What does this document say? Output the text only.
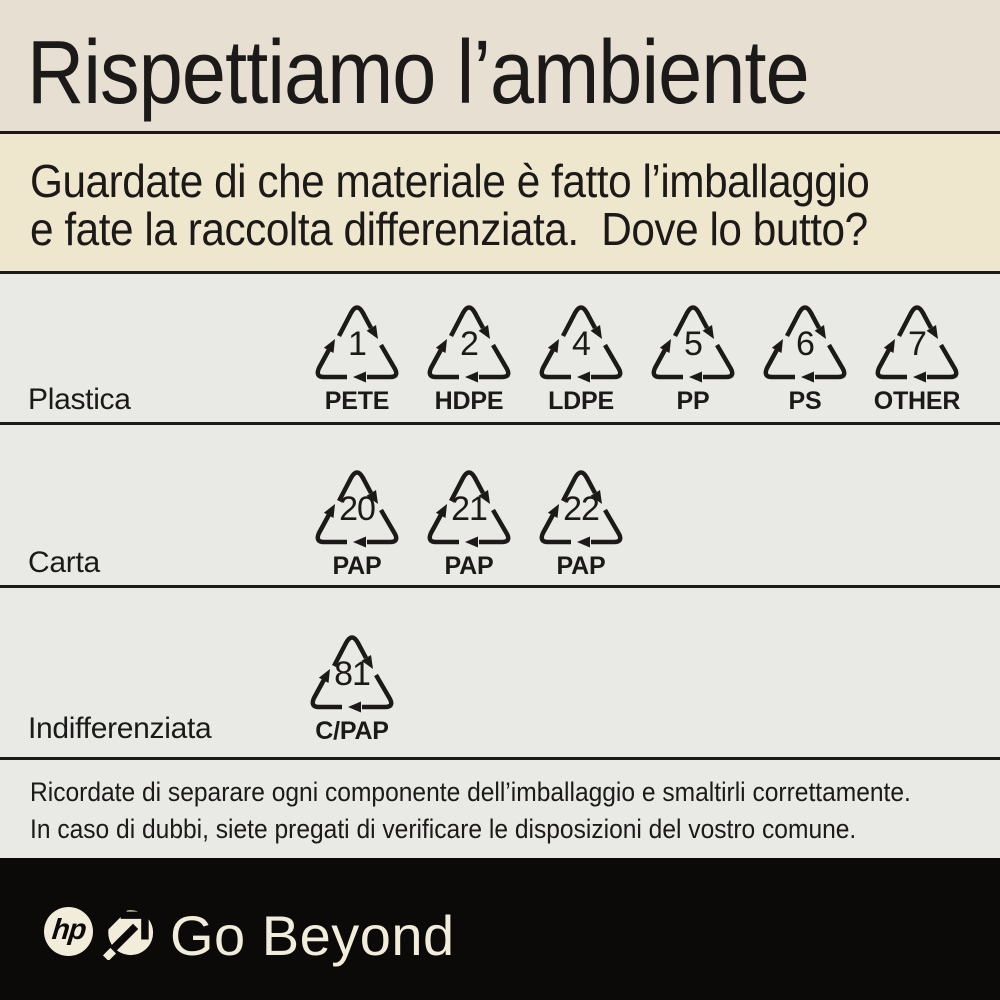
Rispettiamo l’ambiente
Guardate di che materiale è fatto l’imballaggio
e fate la raccolta differenziata.  Dove lo butto?
Plastica
Carta
Indifferenziata
1
PETE
2
HDPE
4
LDPE
5
PP
6
PS
7
OTHER
20
PAP
21
PAP
22
PAP
81
C/PAP
Ricordate di separare ogni componente dell’imballaggio e smaltirli correttamente.
In caso di dubbi, siete pregati di verificare le disposizioni del vostro comune.
hp Go Beyond
